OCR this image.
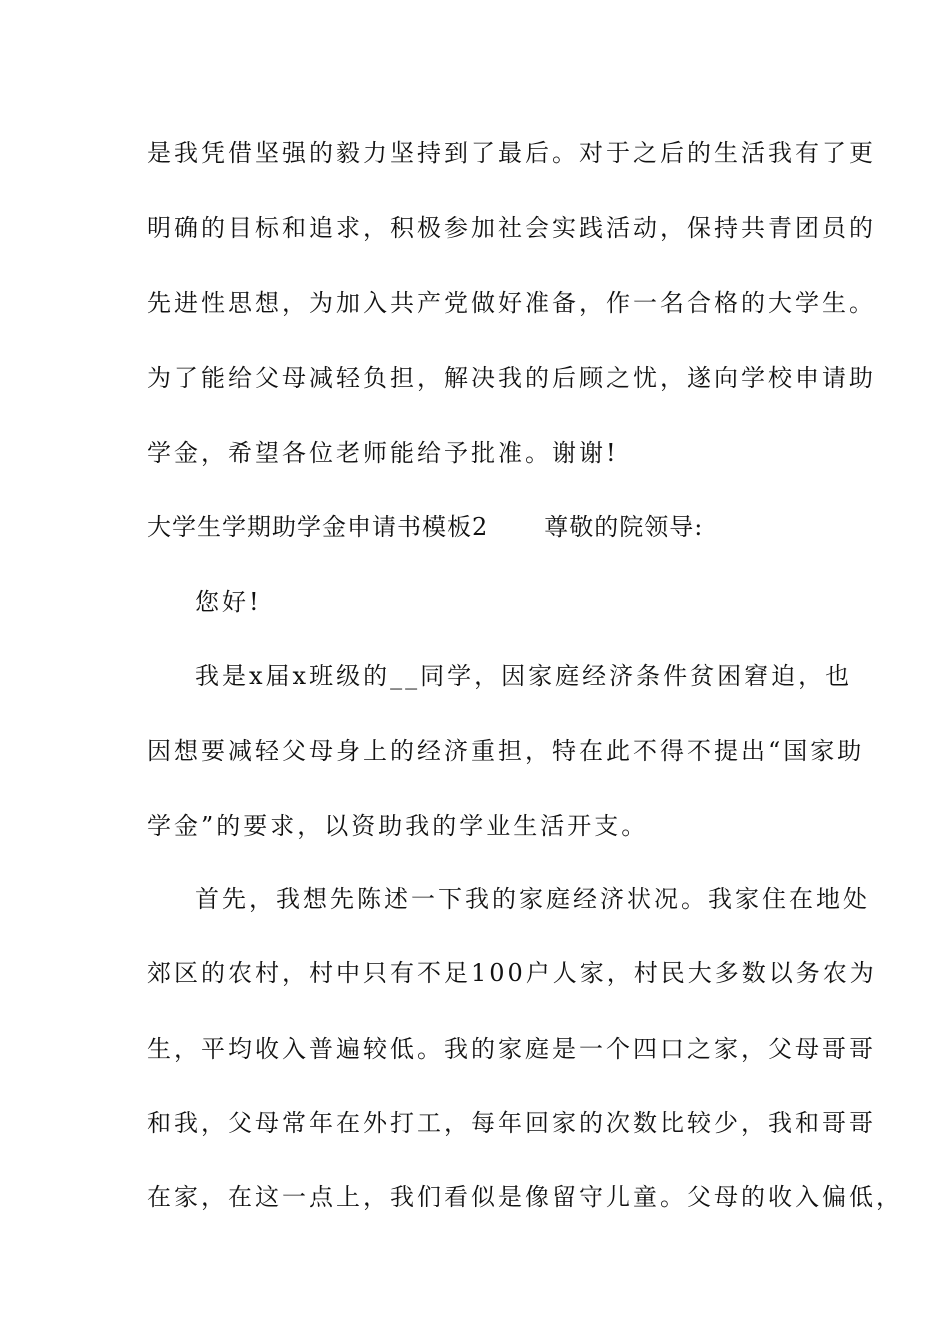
是我凭借坚强的毅力坚持到了最后。对于之后的生活我有了更
明确的目标和追求，积极参加社会实践活动，保持共青团员的
先进性思想，为加入共产党做好准备，作一名合格的大学生。
为了能给父母减轻负担，解决我的后顾之忧，遂向学校申请助
学金，希望各位老师能给予批准。谢谢!
大学生学期助学金申请书模板2 尊敬的院领导:
您好!
我是x届x班级的__同学，因家庭经济条件贫困窘迫，也
因想要减轻父母身上的经济重担，特在此不得不提出“国家助
学金”的要求，以资助我的学业生活开支。
首先，我想先陈述一下我的家庭经济状况。我家住在地处
郊区的农村，村中只有不足100户人家，村民大多数以务农为
生，平均收入普遍较低。我的家庭是一个四口之家，父母哥哥
和我，父母常年在外打工，每年回家的次数比较少，我和哥哥
在家，在这一点上，我们看似是像留守儿童。父母的收入偏低，
